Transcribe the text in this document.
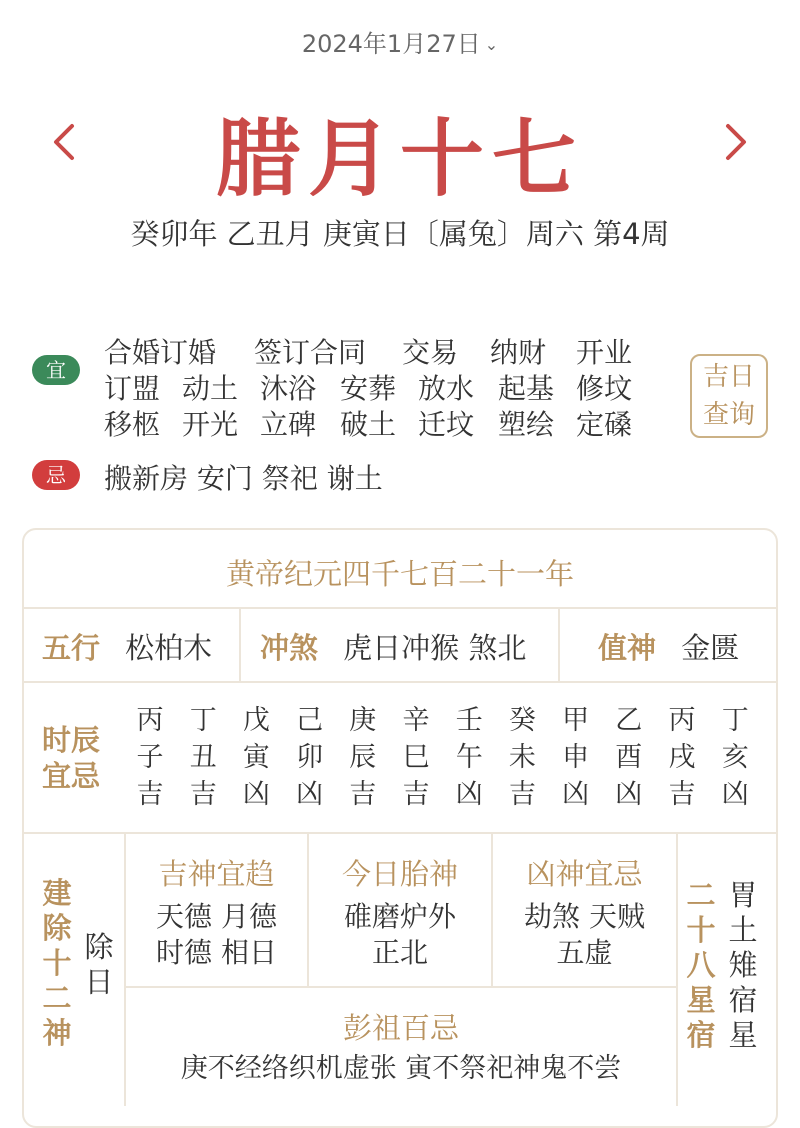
2024年1月27日 ⌄
腊月十七
癸卯年 乙丑月 庚寅日〔属兔〕周六 第4周
宜
合婚订婚 签订合同 交易 纳财 开业
订盟 动土 沐浴 安葬 放水 起基 修坟
移柩 开光 立碑 破土 迁坟 塑绘 定磉
吉日
查询
忌	搬新房 安门 祭祀 谢土
黄帝纪元四千七百二十一年
五行 松柏木 冲煞 虎日冲猴 煞北 值神 金匮
时辰
宜忌
丙
子
吉
丁
丑
吉
戊
寅
凶
己
卯
凶
庚
辰
吉
辛
巳
吉
壬
午
凶
癸
未
吉
甲
申
凶
乙
酉
凶
丙
戌
吉
丁
亥
凶
建
除
十
二
神
除
日
吉神宜趋
天德 月德
时德 相日
今日胎神
碓磨炉外
正北
凶神宜忌
劫煞 天贼
五虚
彭祖百忌
庚不经络织机虚张 寅不祭祀神鬼不尝
二
十
八
星
宿
胃
土
雉
宿
星
